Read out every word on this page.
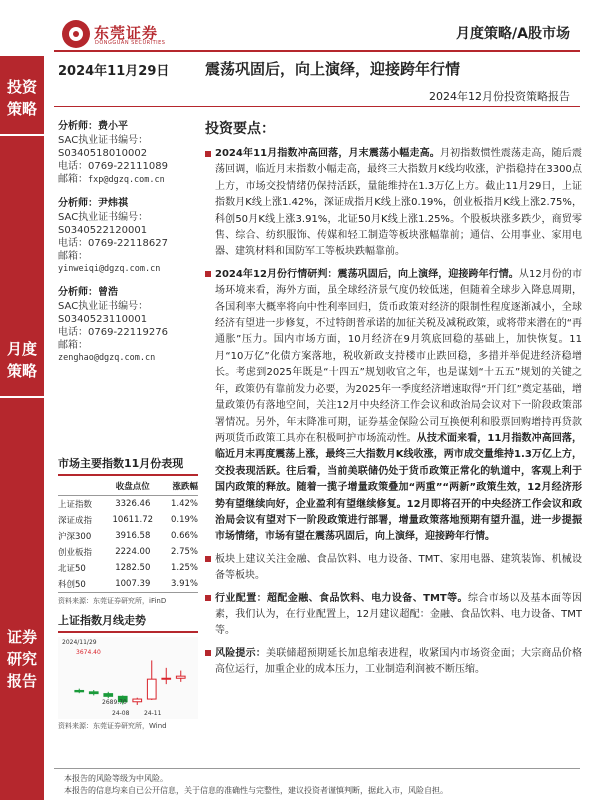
投资
策略
月度
策略
证券
研究
报告
东莞证券
DONGGUAN SECURITIES
月度策略/A股市场
2024年11月29日 震荡巩固后，向上演绎，迎接跨年行情
2024年12月份投资策略报告
分析师：费小平
SAC执业证书编号：
S0340518010002
电话：0769-22111089
邮箱：fxp@dgzq.com.cn
分析师：尹炜祺
SAC执业证书编号：
S0340522120001
电话：0769-22118627
邮箱：
yinweiqi@dgzq.com.cn
分析师：曾浩
SAC执业证书编号：
S0340523110001
电话：0769-22119276
邮箱：
zenghao@dgzq.com.cn
市场主要指数11月份表现
	收盘点位	涨跌幅
上证指数	3326.46	1.42%
深证成指	10611.72	0.19%
沪深300	3916.58	0.66%
创业板指	2224.00	2.75%
北证50	1282.50	1.25%
科创50	1007.39	3.91%
资料来源：东莞证券研究所，iFinD
上证指数月线走势
2024/11/29
3674.40
2689.70
24-08 24-11
资料来源：东莞证券研究所，Wind
投资要点：
2024年11月指数冲高回落，月末震荡小幅走高。月初指数惯性震荡走高，随后震荡回调，临近月末指数小幅走高，最终三大指数月K线均收涨，沪指稳持在3300点上方，市场交投情绪仍保持活跃，量能维持在1.3万亿上方。截止11月29日，上证指数月K线上涨1.42%，深证成指月K线上涨0.19%，创业板指月K线上涨2.75%，科创50月K线上涨3.91%，北证50月K线上涨1.25%。个股板块涨多跌少，商贸零售、综合、纺织服饰、传媒和轻工制造等板块涨幅靠前；通信、公用事业、家用电器、建筑材料和国防军工等板块跌幅靠前。
2024年12月份行情研判：震荡巩固后，向上演绎，迎接跨年行情。从12月份的市场环境来看，海外方面，虽全球经济景气度仍较低迷，但随着全球步入降息周期，各国利率大概率将向中性利率回归，货币政策对经济的限制性程度逐渐减小，全球经济有望进一步修复，不过特朗普承诺的加征关税及减税政策，或将带来潜在的“再通胀”压力。国内市场方面，10月经济在9月筑底回稳的基础上，加快恢复。11月“10万亿”化债方案落地，税收新政支持楼市止跌回稳，多措并举促进经济稳增长。考虑到2025年既是“十四五”规划收官之年，也是谋划“十五五”规划的关键之年，政策仍有靠前发力必要，为2025年一季度经济增速取得“开门红”奠定基础，增量政策仍有落地空间，关注12月中央经济工作会议和政治局会议对下一阶段政策部署情况。另外，年末降准可期，证券基金保险公司互换便利和股票回购增持再贷款两项货币政策工具亦在积极呵护市场流动性。从技术面来看，11月指数冲高回落，临近月末再度震荡上涨，最终三大指数月K线收涨，两市成交量维持1.3万亿上方，交投表现活跃。往后看，当前美联储仍处于货币政策正常化的轨道中，客观上利于国内政策的释放。随着一揽子增量政策叠加“两重”“两新”政策生效，12月经济形势有望继续向好，企业盈利有望继续修复。12月即将召开的中央经济工作会议和政治局会议有望对下一阶段政策进行部署，增量政策落地预期有望升温，进一步提振市场情绪，市场有望在震荡巩固后，向上演绎，迎接跨年行情。
板块上建议关注金融、食品饮料、电力设备、TMT、家用电器、建筑装饰、机械设备等板块。
行业配置：超配金融、食品饮料、电力设备、TMT等。综合市场以及基本面等因素，我们认为，在行业配置上，12月建议超配：金融、食品饮料、电力设备、TMT等。
风险提示：美联储超预期延长加息缩表进程，收紧国内市场资金面；大宗商品价格高位运行，加重企业的成本压力，工业制造利润被不断压缩。
本报告的风险等级为中风险。
本报告的信息均来自已公开信息，关于信息的准确性与完整性，建议投资者谨慎判断，据此入市，风险自担。
